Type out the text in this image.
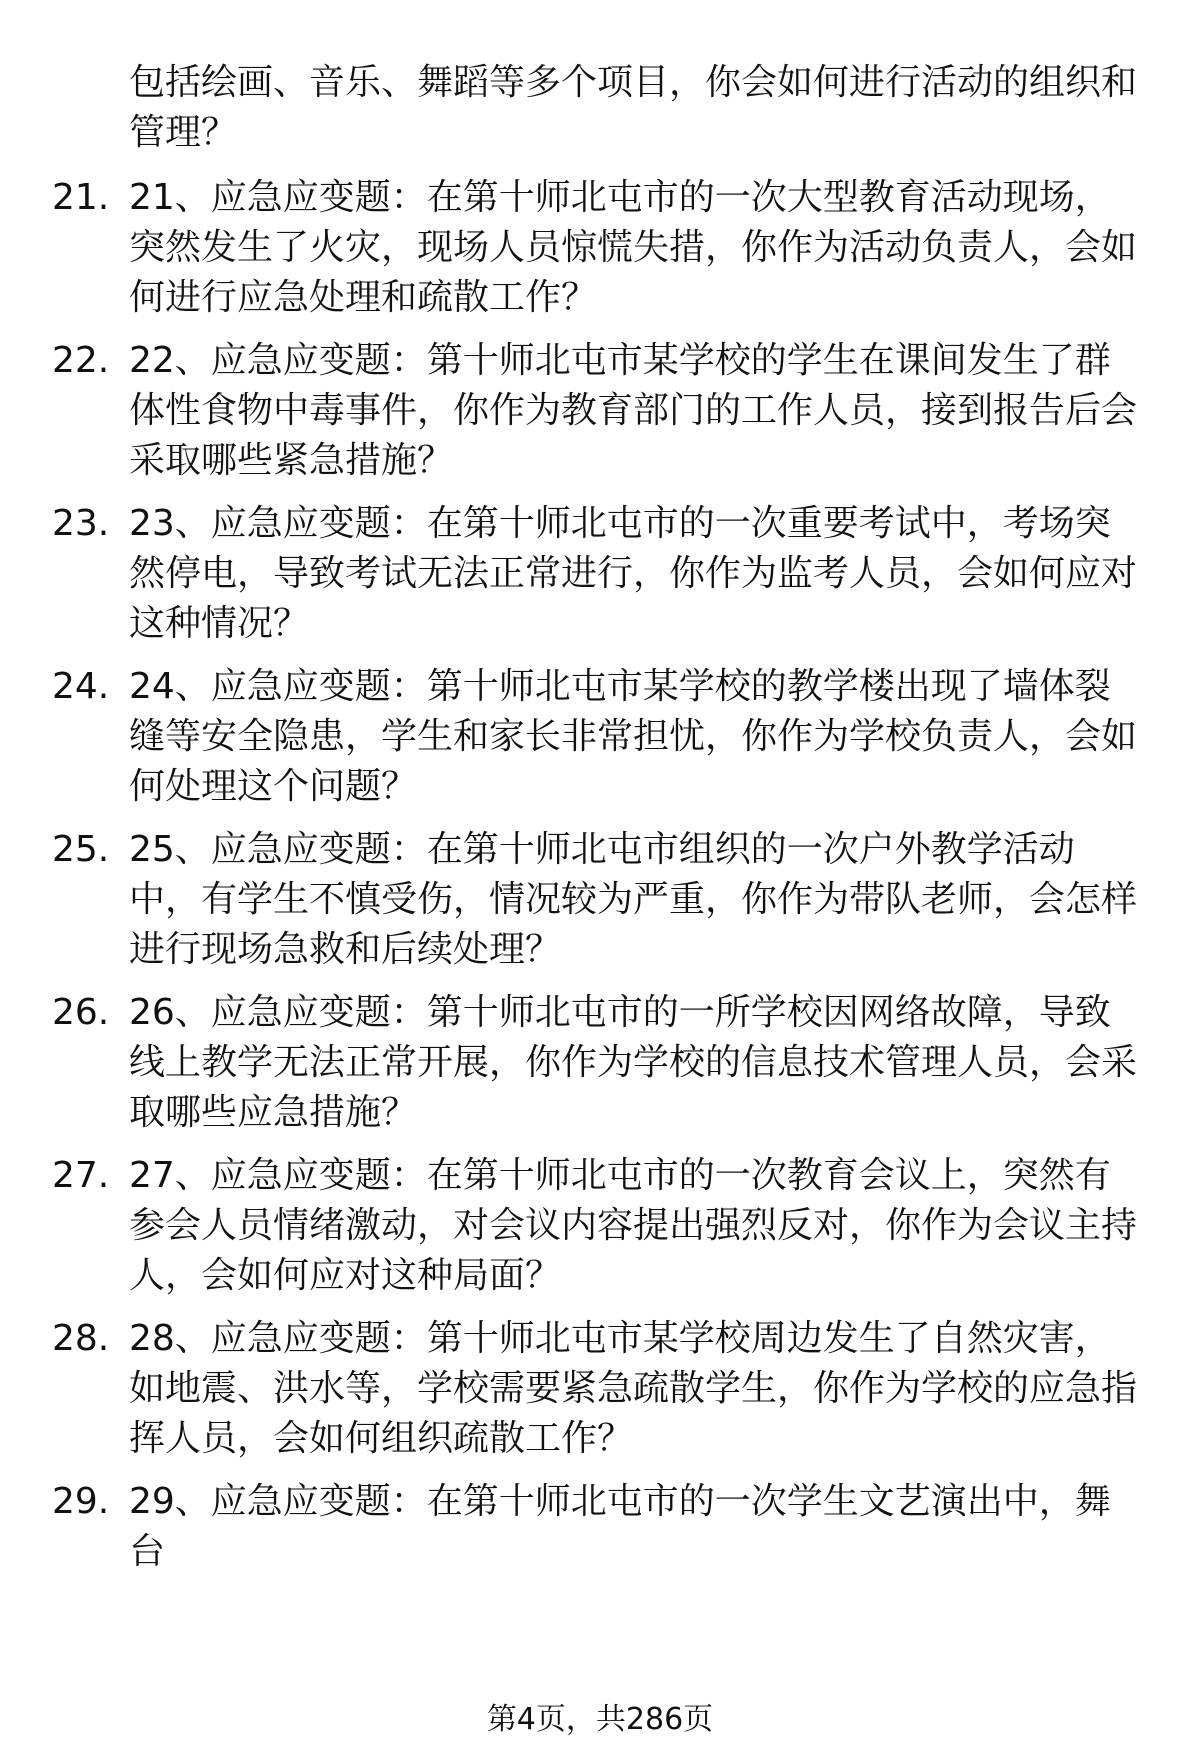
包括绘画、音乐、舞蹈等多个项目，你会如何进行活动的组织和管理？
21. 21、应急应变题：在第十师北屯市的一次大型教育活动现场，突然发生了火灾，现场人员惊慌失措，你作为活动负责人，会如何进行应急处理和疏散工作？
22. 22、应急应变题：第十师北屯市某学校的学生在课间发生了群体性食物中毒事件，你作为教育部门的工作人员，接到报告后会采取哪些紧急措施？
23. 23、应急应变题：在第十师北屯市的一次重要考试中，考场突然停电，导致考试无法正常进行，你作为监考人员，会如何应对这种情况？
24. 24、应急应变题：第十师北屯市某学校的教学楼出现了墙体裂缝等安全隐患，学生和家长非常担忧，你作为学校负责人，会如何处理这个问题？
25. 25、应急应变题：在第十师北屯市组织的一次户外教学活动中，有学生不慎受伤，情况较为严重，你作为带队老师，会怎样进行现场急救和后续处理？
26. 26、应急应变题：第十师北屯市的一所学校因网络故障，导致线上教学无法正常开展，你作为学校的信息技术管理人员，会采取哪些应急措施？
27. 27、应急应变题：在第十师北屯市的一次教育会议上，突然有参会人员情绪激动，对会议内容提出强烈反对，你作为会议主持人，会如何应对这种局面？
28. 28、应急应变题：第十师北屯市某学校周边发生了自然灾害，如地震、洪水等，学校需要紧急疏散学生，你作为学校的应急指挥人员，会如何组织疏散工作？
29. 29、应急应变题：在第十师北屯市的一次学生文艺演出中，舞台
第4页，共286页
